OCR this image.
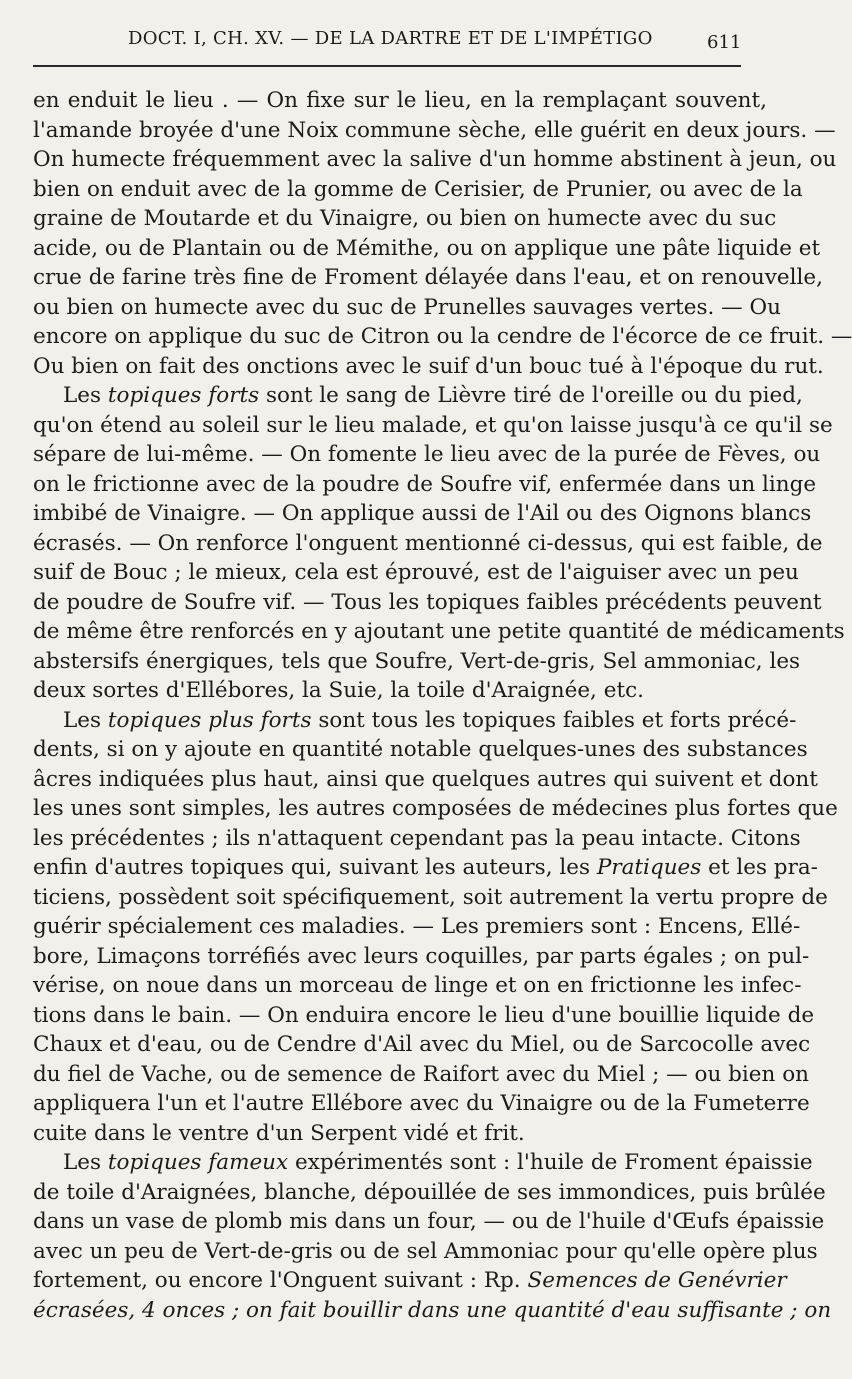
DOCT. I, CH. XV. — DE LA DARTRE ET DE L'IMPÉTIGO	611
en enduit le lieu . — On fixe sur le lieu, en la remplaçant souvent,
l'amande broyée d'une Noix commune sèche, elle guérit en deux jours. —
On humecte fréquemment avec la salive d'un homme abstinent à jeun, ou
bien on enduit avec de la gomme de Cerisier, de Prunier, ou avec de la
graine de Moutarde et du Vinaigre, ou bien on humecte avec du suc
acide, ou de Plantain ou de Mémithe, ou on applique une pâte liquide et
crue de farine très fine de Froment délayée dans l'eau, et on renouvelle,
ou bien on humecte avec du suc de Prunelles sauvages vertes. — Ou
encore on applique du suc de Citron ou la cendre de l'écorce de ce fruit. —
Ou bien on fait des onctions avec le suif d'un bouc tué à l'époque du rut.
Les topiques forts sont le sang de Lièvre tiré de l'oreille ou du pied,
qu'on étend au soleil sur le lieu malade, et qu'on laisse jusqu'à ce qu'il se
sépare de lui-même. — On fomente le lieu avec de la purée de Fèves, ou
on le frictionne avec de la poudre de Soufre vif, enfermée dans un linge
imbibé de Vinaigre. — On applique aussi de l'Ail ou des Oignons blancs
écrasés. — On renforce l'onguent mentionné ci-dessus, qui est faible, de
suif de Bouc ; le mieux, cela est éprouvé, est de l'aiguiser avec un peu
de poudre de Soufre vif. — Tous les topiques faibles précédents peuvent
de même être renforcés en y ajoutant une petite quantité de médicaments
abstersifs énergiques, tels que Soufre, Vert-de-gris, Sel ammoniac, les
deux sortes d'Ellébores, la Suie, la toile d'Araignée, etc.
Les topiques plus forts sont tous les topiques faibles et forts précé-
dents, si on y ajoute en quantité notable quelques-unes des substances
âcres indiquées plus haut, ainsi que quelques autres qui suivent et dont
les unes sont simples, les autres composées de médecines plus fortes que
les précédentes ; ils n'attaquent cependant pas la peau intacte. Citons
enfin d'autres topiques qui, suivant les auteurs, les Pratiques et les pra-
ticiens, possèdent soit spécifiquement, soit autrement la vertu propre de
guérir spécialement ces maladies. — Les premiers sont : Encens, Ellé-
bore, Limaçons torréfiés avec leurs coquilles, par parts égales ; on pul-
vérise, on noue dans un morceau de linge et on en frictionne les infec-
tions dans le bain. — On enduira encore le lieu d'une bouillie liquide de
Chaux et d'eau, ou de Cendre d'Ail avec du Miel, ou de Sarcocolle avec
du fiel de Vache, ou de semence de Raifort avec du Miel ; — ou bien on
appliquera l'un et l'autre Ellébore avec du Vinaigre ou de la Fumeterre
cuite dans le ventre d'un Serpent vidé et frit.
Les topiques fameux expérimentés sont : l'huile de Froment épaissie
de toile d'Araignées, blanche, dépouillée de ses immondices, puis brûlée
dans un vase de plomb mis dans un four, — ou de l'huile d'Œufs épaissie
avec un peu de Vert-de-gris ou de sel Ammoniac pour qu'elle opère plus
fortement, ou encore l'Onguent suivant : Rp. Semences de Genévrier
écrasées, 4 onces ; on fait bouillir dans une quantité d'eau suffisante ; on
